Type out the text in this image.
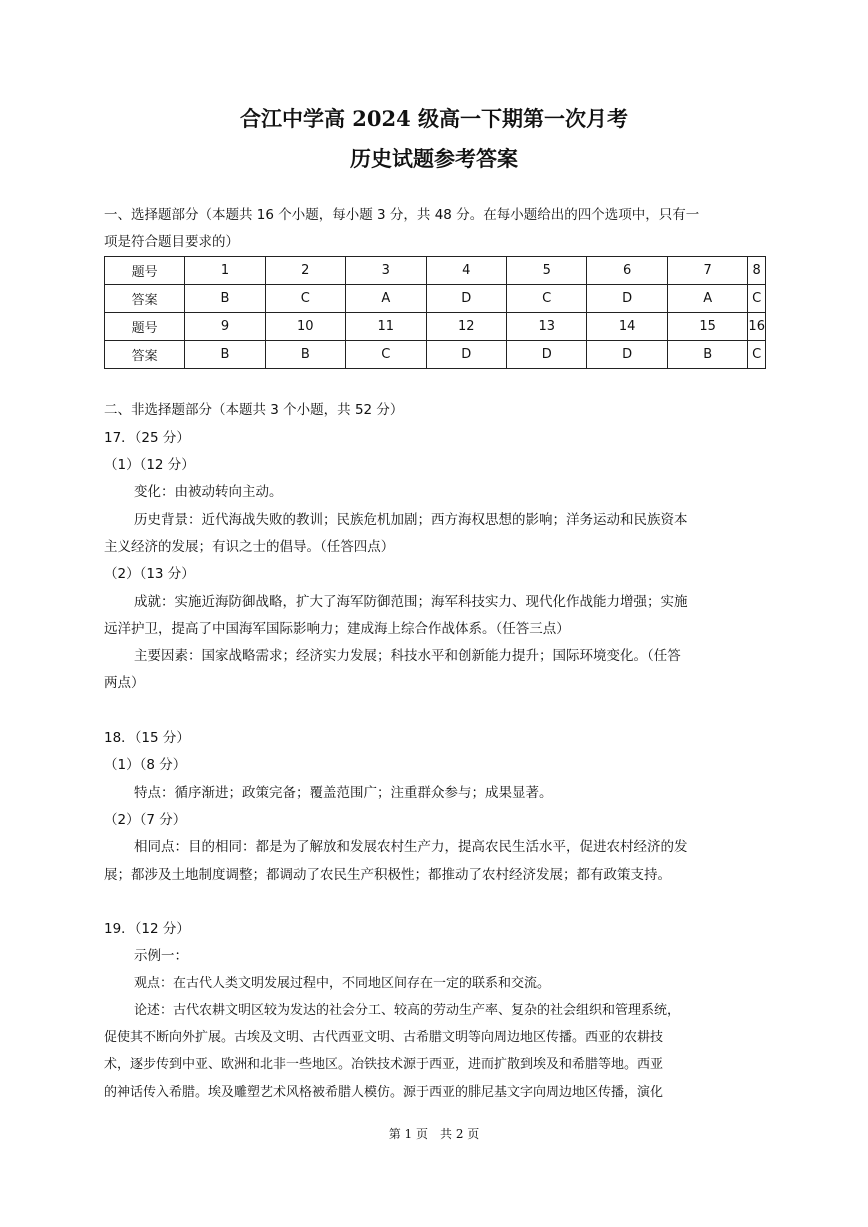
合江中学高 2024 级高一下期第一次月考
历史试题参考答案
一、选择题部分（本题共 16 个小题，每小题 3 分，共 48 分。在每小题给出的四个选项中，只有一
项是符合题目要求的）
题号	1	2	3	4	5	6	7	8
答案	B	C	A	D	C	D	A	C
题号	9	10	11	12	13	14	15	16
答案	B	B	C	D	D	D	B	C
二、非选择题部分（本题共 3 个小题，共 52 分）
17．（25 分）
（1）（12 分）
变化：由被动转向主动。
历史背景：近代海战失败的教训；民族危机加剧；西方海权思想的影响；洋务运动和民族资本
主义经济的发展；有识之士的倡导。（任答四点）
（2）（13 分）
成就：实施近海防御战略，扩大了海军防御范围；海军科技实力、现代化作战能力增强；实施
远洋护卫，提高了中国海军国际影响力；建成海上综合作战体系。（任答三点）
主要因素：国家战略需求；经济实力发展；科技水平和创新能力提升；国际环境变化。（任答
两点）
18．（15 分）
（1）（8 分）
特点：循序渐进；政策完备；覆盖范围广；注重群众参与；成果显著。
（2）（7 分）
相同点：目的相同：都是为了解放和发展农村生产力，提高农民生活水平，促进农村经济的发
展；都涉及土地制度调整；都调动了农民生产积极性；都推动了农村经济发展；都有政策支持。
19．（12 分）
示例一：
观点：在古代人类文明发展过程中，不同地区间存在一定的联系和交流。
论述：古代农耕文明区较为发达的社会分工、较高的劳动生产率、复杂的社会组织和管理系统，
促使其不断向外扩展。古埃及文明、古代西亚文明、古希腊文明等向周边地区传播。西亚的农耕技
术，逐步传到中亚、欧洲和北非一些地区。冶铁技术源于西亚，进而扩散到埃及和希腊等地。西亚
的神话传入希腊。埃及雕塑艺术风格被希腊人模仿。源于西亚的腓尼基文字向周边地区传播，演化
第 1 页　共 2 页
